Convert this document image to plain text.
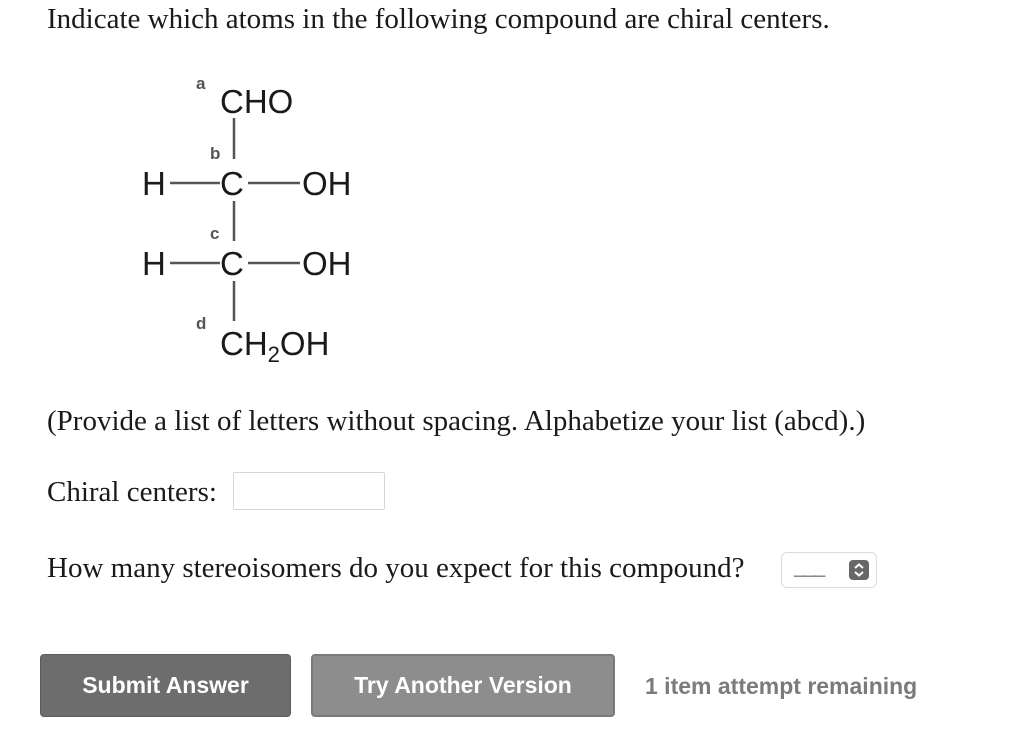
Indicate which atoms in the following compound are chiral centers.
a CHO
b
H C OH
c
H C OH
d
CH2OH
(Provide a list of letters without spacing. Alphabetize your list (abcd).)
Chiral centers:
How many stereoisomers do you expect for this compound? ___
Submit Answer	Try Another Version	1 item attempt remaining
